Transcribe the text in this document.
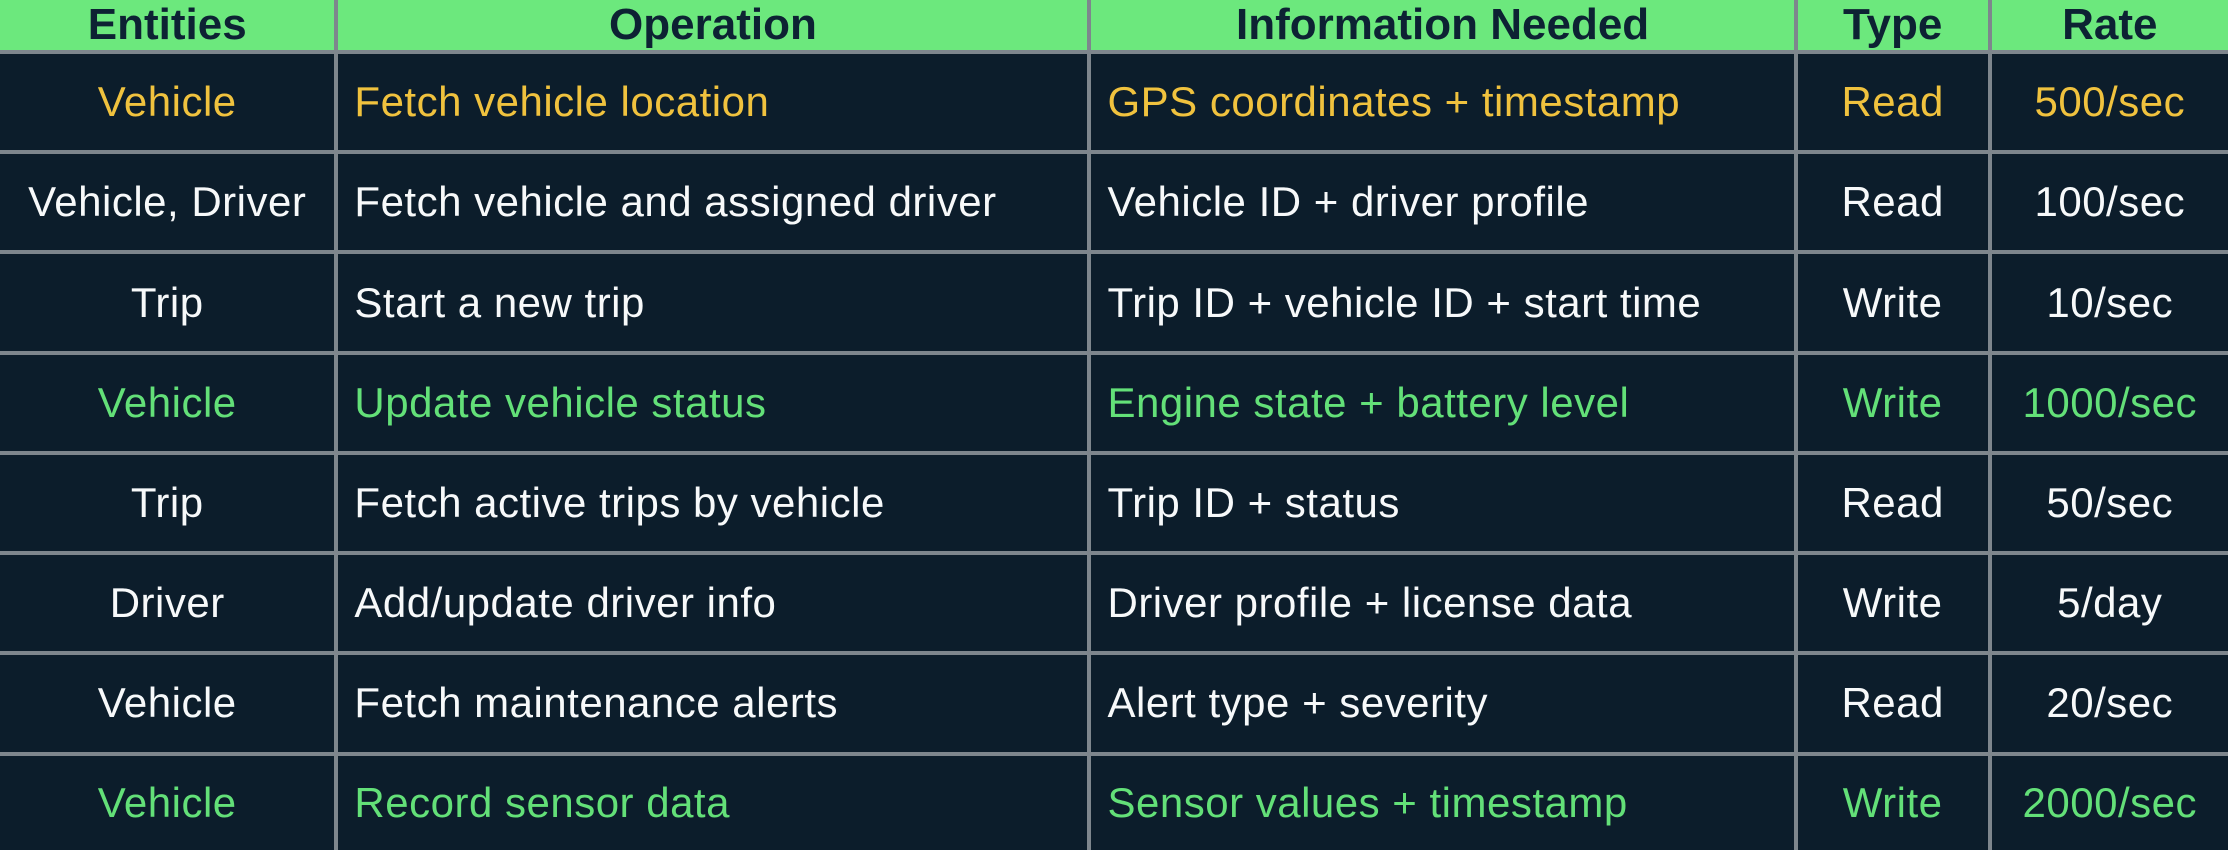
Entities	Operation	Information Needed	Type	Rate
Vehicle	Fetch vehicle location	GPS coordinates + timestamp	Read	500/sec
Vehicle, Driver	Fetch vehicle and assigned driver	Vehicle ID + driver profile	Read	100/sec
Trip	Start a new trip	Trip ID + vehicle ID + start time	Write	10/sec
Vehicle	Update vehicle status	Engine state + battery level	Write	1000/sec
Trip	Fetch active trips by vehicle	Trip ID + status	Read	50/sec
Driver	Add/update driver info	Driver profile + license data	Write	5/day
Vehicle	Fetch maintenance alerts	Alert type + severity	Read	20/sec
Vehicle	Record sensor data	Sensor values + timestamp	Write	2000/sec
